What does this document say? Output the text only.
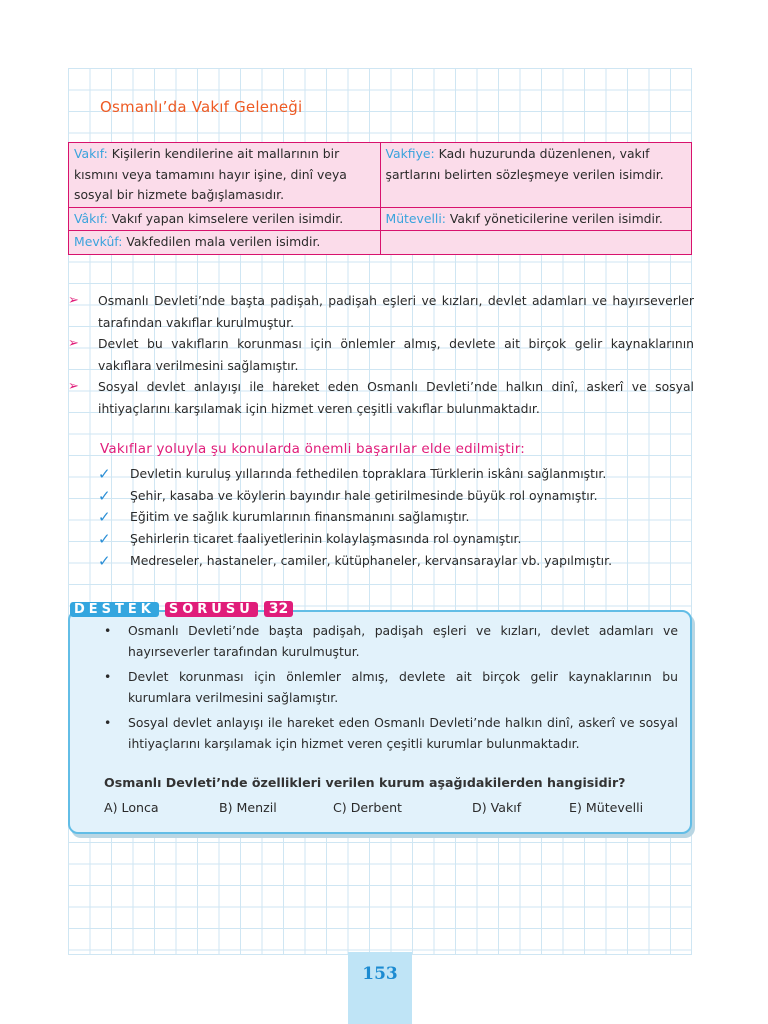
Osmanlı’da Vakıf Geleneği
Vakıf: Kişilerin kendilerine ait mallarının bir kısmını veya tamamını hayır işine, dinî veya sosyal bir hizmete bağışlamasıdır.	Vakfiye: Kadı huzurunda düzenlenen, vakıf şartlarını belirten sözleşmeye verilen isimdir.
Vâkıf: Vakıf yapan kimselere verilen isimdir.	Mütevelli: Vakıf yöneticilerine verilen isimdir.
Mevkûf: Vakfedilen mala verilen isimdir.	
➢ Osmanlı Devleti’nde başta padişah, padişah eşleri ve kızları, devlet adamları ve hayırseverler tarafından vakıflar kurulmuştur.
➢ Devlet bu vakıfların korunması için önlemler almış, devlete ait birçok gelir kaynaklarının vakıflara verilmesini sağlamıştır.
➢ Sosyal devlet anlayışı ile hareket eden Osmanlı Devleti’nde halkın dinî, askerî ve sosyal ihtiyaçlarını karşılamak için hizmet veren çeşitli vakıflar bulunmaktadır.
Vakıflar yoluyla şu konularda önemli başarılar elde edilmiştir:
✓ Devletin kuruluş yıllarında fethedilen topraklara Türklerin iskânı sağlanmıştır.
✓ Şehir, kasaba ve köylerin bayındır hale getirilmesinde büyük rol oynamıştır.
✓ Eğitim ve sağlık kurumlarının finansmanını sağlamıştır.
✓ Şehirlerin ticaret faaliyetlerinin kolaylaşmasında rol oynamıştır.
✓ Medreseler, hastaneler, camiler, kütüphaneler, kervansaraylar vb. yapılmıştır.
DESTEK	SORUSU	32
• Osmanlı Devleti’nde başta padişah, padişah eşleri ve kızları, devlet adamları ve hayırseverler tarafından kurulmuştur.
• Devlet korunması için önlemler almış, devlete ait birçok gelir kaynaklarının bu kurumlara verilmesini sağlamıştır.
• Sosyal devlet anlayışı ile hareket eden Osmanlı Devleti’nde halkın dinî, askerî ve sosyal ihtiyaçlarını karşılamak için hizmet veren çeşitli kurumlar bulunmaktadır.
Osmanlı Devleti’nde özellikleri verilen kurum aşağıdakilerden hangisidir?
A) Lonca	B) Menzil	C) Derbent	D) Vakıf	E) Mütevelli
153
